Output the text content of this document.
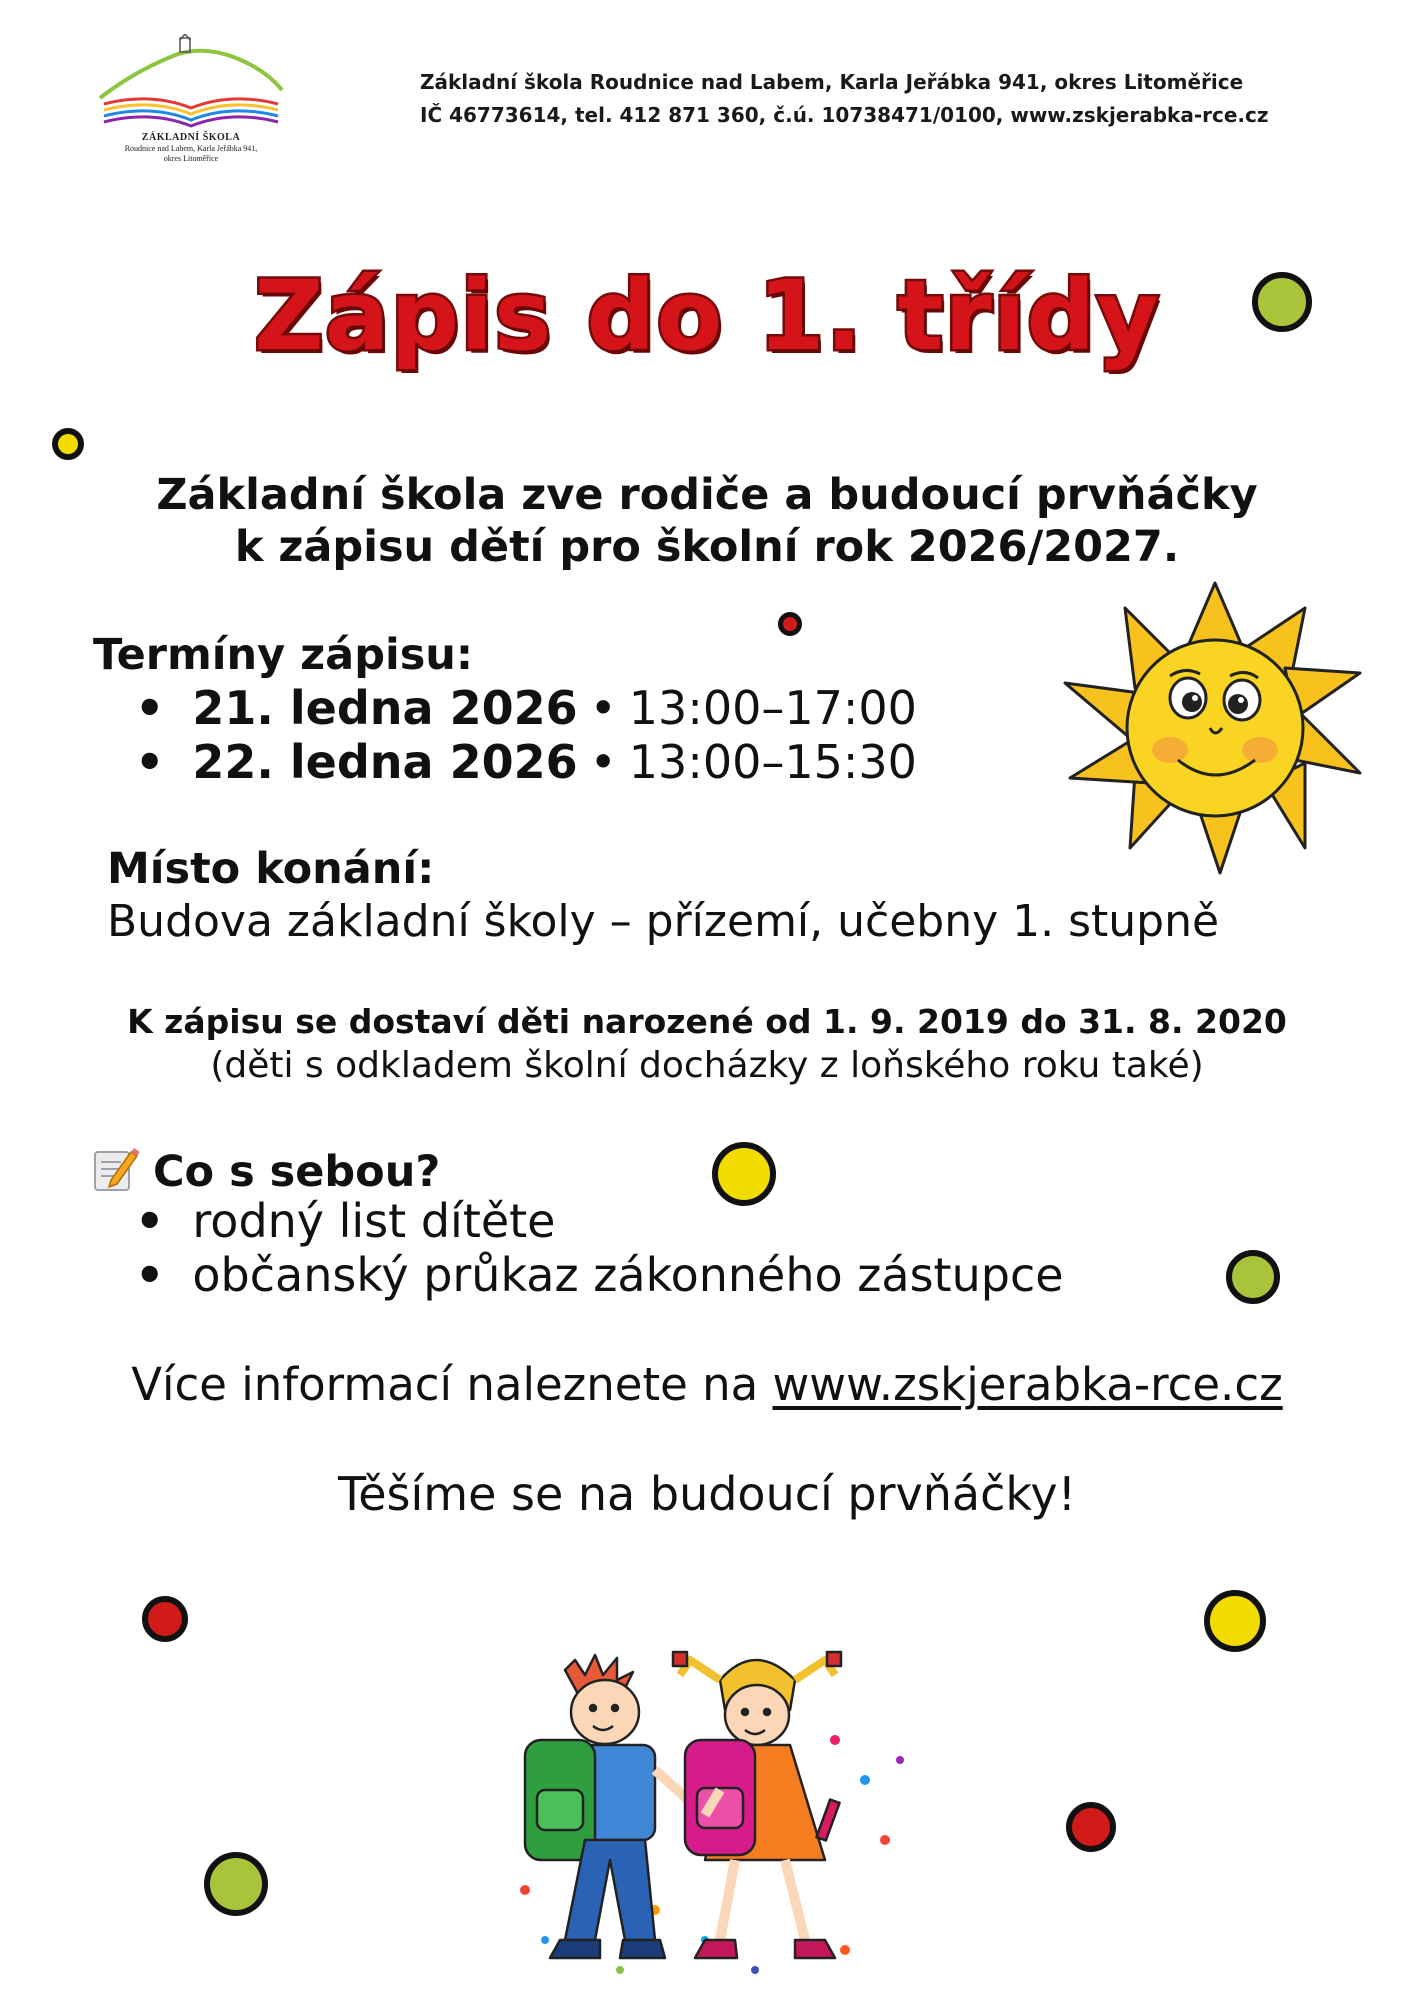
ZÁKLADNÍ ŠKOLA
Roudnice nad Labem, Karla Jeřábka 941,
okres Litoměřice
Základní škola Roudnice nad Labem, Karla Jeřábka 941, okres Litoměřice
IČ 46773614, tel. 412 871 360, č.ú. 10738471/0100, www.zskjerabka-rce.cz
Zápis do 1. třídy
Základní škola zve rodiče a budoucí prvňáčky
k zápisu dětí pro školní rok 2026/2027.
Termíny zápisu:
• 21. ledna 2026 • 13:00–17:00
• 22. ledna 2026 • 13:00–15:30
Místo konání:
Budova základní školy – přízemí, učebny 1. stupně
K zápisu se dostaví děti narozené od 1. 9. 2019 do 31. 8. 2020
(děti s odkladem školní docházky z loňského roku také)
Co s sebou?
• rodný list dítěte
• občanský průkaz zákonného zástupce
Více informací naleznete na www.zskjerabka-rce.cz
Těšíme se na budoucí prvňáčky!
